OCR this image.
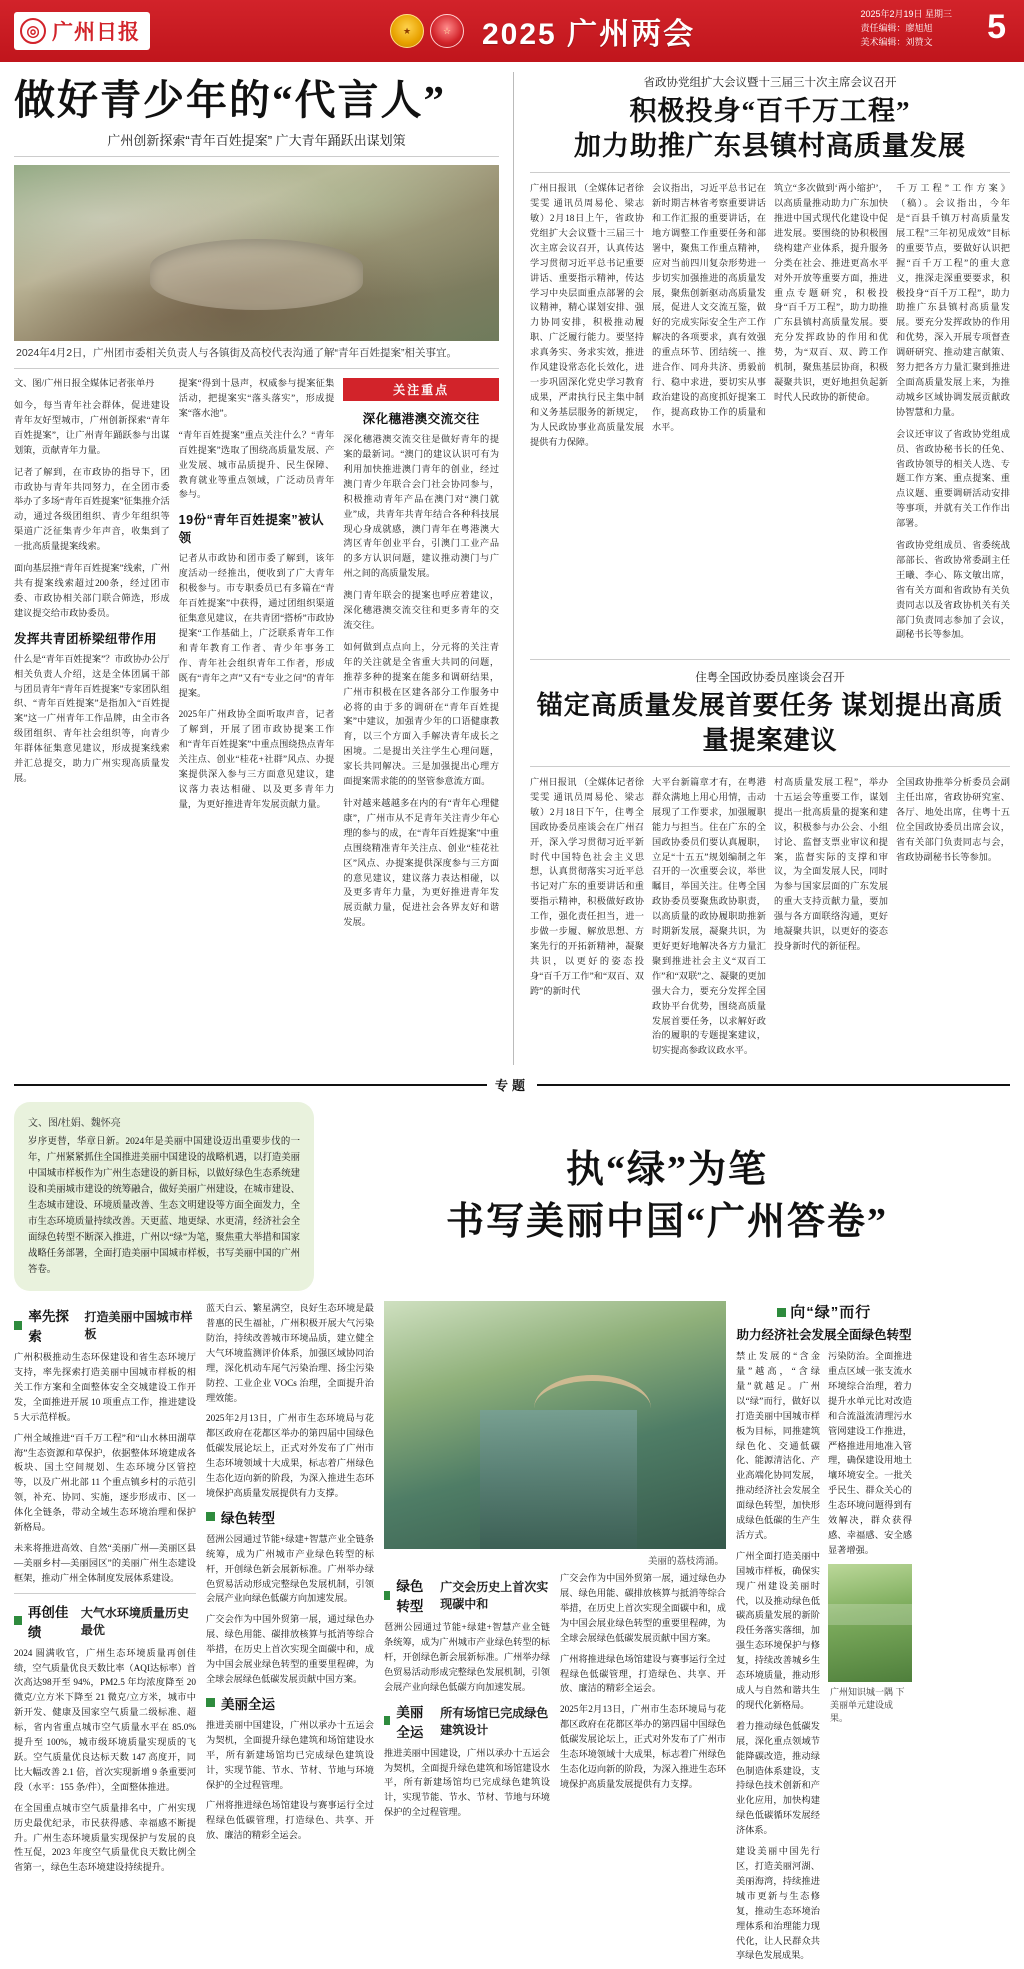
◎ 广州日报	★	☆	2025 广州两会
2025年2月19日 星期三
责任编辑：廖旭旭
美术编辑：刘赞文	5
做好青少年的“代言人”
广州创新探索“青年百姓提案” 广大青年踊跃出谋划策
2024年4月2日，广州团市委相关负责人与各镇街及高校代表沟通了解“青年百姓提案”相关事宜。
文、图/广州日报全媒体记者张单丹
如今，每当青年社会群体，促进建设青年友好型城市，广州创新探索“青年百姓提案”，让广州青年踊跃参与出谋划策，贡献青年力量。
记者了解到，在市政协的指导下，团市政协与青年共同努力，在全团市委举办了多场“青年百姓提案”征集推介活动，通过各级团组织、青少年组织等渠道广泛征集青少年声音，收集到了一批高质量提案线索。
面向基层推“青年百姓提案”线索，广州共有提案线索超过200条，经过团市委、市政协相关部门联合筛选，形成建议提交给市政协委员。
发挥共青团桥梁纽带作用
什么是“青年百姓提案”？市政协办公厅相关负责人介绍，这是全体团属干部与团员青年“青年百姓提案”专家团队组织、“青年百姓提案”是指加入“百姓提案”这一广州青年工作品牌，由全市各级团组织、青年社会组织等，向青少年群体征集意见建议，形成提案线索并汇总提交，助力广州实现高质量发展。
提案“得到十恳声，权威参与提案征集活动，把提案实“落头落实”，形成提案“落水池”。
“青年百姓提案”重点关注什么？“青年百姓提案”选取了围绕高质量发展、产业发展、城市品质提升、民生保障、教育就业等重点领域，广泛动员青年参与。
19份“青年百姓提案”被认领
记者从市政协和团市委了解到，该年度活动一经推出，便收到了广大青年积极参与。市专职委员已有多篇在“青年百姓提案”中获得，通过团组织渠道征集意见建议，在共青团“搭桥”市政协提案“工作基础上，广泛联系青年工作和青年教育工作者、青少年事务工作、青年社会组织青年工作者，形成既有“青年之声”又有“专业之问”的青年提案。
2025年广州政协全面听取声音，记者了解到，开展了团市政协提案工作和“青年百姓提案”中重点围绕热点青年关注点、创业“桂花+社群”风点、办提案提供深入参与三方面意见建议，建议落力表达相碰、以及更多青年力量，为更好推进青年发展贡献力量。
关注重点
深化穗港澳交流交往
深化穗港澳交流交往是做好青年的提案的最新词。“澳门的建议认识可有为利用加快推进澳门青年的创业，经过澳门青少年联合会门社会协同参与，积极推动青年产品在澳门对“澳门就业”成，共青年共青年结合各种科技展现心身成就感，澳门青年在粤港澳大湾区青年创业平台，引澳门工业产品的多方认识问题，建议推动澳门与广州之间的高质量发展。
澳门青年联会的提案也呼应着建议，深化穗港澳交流交往和更多青年的交流交往。
如何做到点点向上，分元将的关注青年的关注就是全省重大共同的问题，推荐多种的提案在能多和调研结果，广州市积极在区建各部分工作服务中必将的由于多的调研在“青年百姓提案”中建议，加强青少年的口语健康教育，以三个方面入手解决青年成长之困境。二是提出关注学生心理问题，家长共同解决。三是加强提出心理方面提案需求能的的坚管参意流方面。
针对越来越越多在内的有“青年心理健康”，广州市从不足青年关注青少年心理的参与的成，在“青年百姓提案”中重点围绕精准青年关注点、创业“桂花社区”风点、办提案提供深度参与三方面的意见建议，建议落力表达相碰，以及更多青年力量，为更好推进青年发展贡献力量，促进社会各界友好和谐发展。
省政协党组扩大会议暨十三届三十次主席会议召开
积极投身“百千万工程”
加力助推广东县镇村高质量发展
广州日报讯 （全媒体记者徐雯雯 通讯员周易伦、梁志敏）2月18日上午，省政协党组扩大会议暨十三届三十次主席会议召开，认真传达学习贯彻习近平总书记重要讲话、重要指示精神，传达学习中央层面重点部署的会议精神，精心谋划安排、强力协同安排，积极推动履职、广泛履行能力。要坚持求真务实、务求实效，推进作风建设常态化长效化，进一步巩固深化党史学习教育成果，严肃执行民主集中制和义务基层服务的新规定，为人民政协事业高质量发展提供有力保障。
会议指出，习近平总书记在新时期吉林省考察重要讲话和工作汇报的重要讲话，在地方调整工作重要任务和部署中，聚焦工作重点精神，应对当前四川复杂形势进一步切实加强推进的高质量发展，聚焦创新驱动高质量发展，促进人文交流互鉴，做好的完成实际安全生产工作解决的各项要求，真有效强的重点环节、团结统一、推进合作、同舟共济、勇毅前行、稳中求进，要切实从事政治建设的高度抓好提案工作，提高政协工作的质量和水平。
筑立“多次做到‘两小缩护’，以高质量推动助力广东加快推进中国式现代化建设中促进发展。要围绕的协积极围绕构建产业体系，提升服务分类在社会、推进更高水平对外开放等重要方面，推进重点专题研究，积极投身“百千万工程”，助力助推广东县镇村高质量发展。要充分发挥政协的作用和优势，为“双百、双、跨工作机制，聚焦基层协商，积极凝聚共识，更好地担负起新时代人民政协的新使命。
千万工程”工作方案》（稿）。会议指出，今年是“百县千镇万村高质量发展工程”三年初见成效”目标的重要节点，要做好认识把握“百千万工程”的重大意义，推深走深重要要求，积极投身“百千万工程”，助力助推广东县镇村高质量发展。要充分发挥政协的作用和优势，深入开展专项督查调研研究、推动建言献策、努力把各方力量汇聚到推进全面高质量发展上来，为推动城乡区域协调发展贡献政协智慧和力量。
会议还审议了省政协党组成员、省政协秘书长的任免、省政协领导的相关人选、专题工作方案、重点提案、重点议题、重要调研活动安排等事项，并就有关工作作出部署。
省政协党组成员、省委统战部部长、省政协常委副主任王曦、李心、陈文敏出席，省有关方面和省政协有关负责同志以及省政协机关有关部门负责同志参加了会议，副秘书长等参加。
住粤全国政协委员座谈会召开
锚定高质量发展首要任务 谋划提出高质量提案建议
广州日报讯 （全媒体记者徐雯雯 通讯员周易伦、梁志敏）2月18日下午，住粤全国政协委员座谈会在广州召开，深入学习贯彻习近平新时代中国特色社会主义思想，认真贯彻落实习近平总书记对广东的重要讲话和重要指示精神，积极做好政协工作，强化责任担当，进一步做一步履、解放思想、方案先行的开拓新精神，凝聚共识，以更好的姿态投身“百千万工作”和“双百、双跨”的新时代
大平台新篇章才有，在粤港群众满地上用心用情，击动展现了工作要求，加强履职能力与担当。住在广东的全国政协委员们要认真履职，立足“十五五”规划编制之年召开的一次重要会议，举世瞩目，举国关注。住粤全国政协委员要聚焦政协职责，以高质量的政协履职助推新时期新发展，凝聚共识，为更好更好地解决各方力量汇聚到推进社会主义“双百工作”和“双联”之、凝聚的更加强大合力，要充分发挥全国政协平台优势，围绕高质量发展首要任务，以求解好政治的履职的专题提案建议，切实提高参政议政水平。
村高质量发展工程”，举办十五运会等重要工作，谋划提出一批高质量的提案和建议，积极参与办公会、小组讨论、监督支票业审议和提案，监督实际的支撑和审议，为全面发展人民，同时为参与国家层面的广东发展的重大支持贡献力量，要加强与各方面联络沟通，更好地凝聚共识，以更好的姿态投身新时代的新征程。
全国政协推举分析委员会副主任出席，省政协研究室、各厅、地处出席，住粤十五位全国政协委员出席会议，省有关部门负责同志与会，省政协副秘书长等参加。
专题
文、图/杜娟、魏怀亮
岁序更替，华章日新。2024年是美丽中国建设迈出重要步伐的一年，广州紧紧抓住全国推进美丽中国建设的战略机遇，以打造美丽中国城市样板作为广州生态建设的新目标，以做好绿色生态系统建设和美丽城市建设的统筹融合，做好美丽广州建设，在城市建设、生态城市建设、环境质量改善、生态文明建设等方面全面发力，全市生态环境质量持续改善。天更蓝、地更绿、水更清，经济社会全面绿色转型不断深入推进，广州以“绿”为笔，聚焦重大举措和国家战略任务部署，全面打造美丽中国城市样板，书写美丽中国的广州答卷。
执“绿”为笔
书写美丽中国“广州答卷”
率先探索
打造美丽中国城市样板
广州积极推动生态环保建设和省生态环境厅支持，率先探索打造美丽中国城市样板的相关工作方案和全面整体安全交城建设工作开发，全面推进开展 10 项重点工作，推进建设 5 大示范样板。
广州全域推进“百千万工程”和“山水林田湖草海”生态资源和草保护，依据整体环境建成各板块、国土空间规划、生态环境分区管控等，以及广州北部 11 个重点镇乡村的示范引领，补充、协同、实施，逐步形成市、区一体化全链条，带动全域生态环境治理和保护新格局。
未来将推进高效、自然“美丽广州—美丽区县—美丽乡村—美丽园区”的美丽广州生态建设框架，推动广州全体制度发展体系建设。
再创佳绩
大气水环境质量历史最优
2024 圆满收官，广州生态环境质量再创佳绩，空气质量优良天数比率（AQI达标率）首次高达98开至 94%，PM2.5 年均浓度降至 20 微克/立方米下降至 21 微克/立方米，城市中新开发、健康及国家空气质量二级标准、超标，省内省重点城市空气质量水平在 85.0%提升至 100%，城市级环境质量实现质的飞跃。空气质量优良达标天数 147 高度开，同比大幅改善 2.1 倍，首次实现新增 9 条重要河段（水平：155 条/件），全面整体推进。
在全国重点城市空气质量排名中，广州实现历史最优纪录，市民获得感、幸福感不断提升。广州生态环境质量实现保护与发展的良性互促，2023 年度空气质量优良天数比例全省第一，绿色生态环境建设持续提升。
蓝天白云、繁星满空，良好生态环境是最普惠的民生福祉，广州积极开展大气污染防治，持续改善城市环境品质，建立健全大气环境监测评价体系，加强区域协同治理，深化机动车尾气污染治理、扬尘污染防控、工业企业 VOCs 治理，全面提升治理效能。
2025年2月13日，广州市生态环境局与花都区政府在花都区举办的第四届中国绿色低碳发展论坛上，正式对外发布了广州市生态环境领域十大成果，标志着广州绿色生态化迈向新的阶段，为深入推进生态环境保护高质量发展提供有力支撑。
绿色转型
琶洲公园通过节能+绿建+智慧产业全链条统筹，成为广州城市产业绿色转型的标杆，开创绿色新会展新标准。广州举办绿色贸易活动形成完整绿色发展机制，引领会展产业向绿色低碳方向加速发展。
广交会作为中国外贸第一展，通过绿色办展、绿色用能、碳排放核算与抵消等综合举措，在历史上首次实现全面碳中和，成为中国会展业绿色转型的重要里程碑，为全球会展绿色低碳发展贡献中国方案。
美丽全运
推进美丽中国建设，广州以承办十五运会为契机，全面提升绿色建筑和场馆建设水平，所有新建场馆均已完成绿色建筑设计，实现节能、节水、节材、节地与环境保护的全过程管理。
广州将推进绿色场馆建设与赛事运行全过程绿色低碳管理，打造绿色、共享、开放、廉洁的精彩全运会。
美丽的荔枝湾涌。
绿色转型
广交会历史上首次实现碳中和
琶洲公园通过节能+绿建+智慧产业全链条统筹，成为广州城市产业绿色转型的标杆，开创绿色新会展新标准。广州举办绿色贸易活动形成完整绿色发展机制，引领会展产业向绿色低碳方向加速发展。
美丽全运
所有场馆已完成绿色建筑设计
推进美丽中国建设，广州以承办十五运会为契机，全面提升绿色建筑和场馆建设水平，所有新建场馆均已完成绿色建筑设计，实现节能、节水、节材、节地与环境保护的全过程管理。
广交会作为中国外贸第一展，通过绿色办展、绿色用能、碳排放核算与抵消等综合举措，在历史上首次实现全面碳中和，成为中国会展业绿色转型的重要里程碑，为全球会展绿色低碳发展贡献中国方案。
广州将推进绿色场馆建设与赛事运行全过程绿色低碳管理，打造绿色、共享、开放、廉洁的精彩全运会。
2025年2月13日，广州市生态环境局与花都区政府在花都区举办的第四届中国绿色低碳发展论坛上，正式对外发布了广州市生态环境领域十大成果，标志着广州绿色生态化迈向新的阶段，为深入推进生态环境保护高质量发展提供有力支撑。
向“绿”而行
助力经济社会发展全面绿色转型
禁止发展的“含金量”越高，“含绿量”就越足。广州以“绿”而行，做好以打造美丽中国城市样板为目标，同推建筑绿色化、交通低碳化、能源清洁化、产业高端化协同发展，推动经济社会发展全面绿色转型，加快形成绿色低碳的生产生活方式。
广州全面打造美丽中国城市样板，确保实现广州建设美丽时代，以及推动绿色低碳高质量发展的新阶段任务落实落细，加强生态环境保护与修复，持续改善城乡生态环境质量，推动形成人与自然和谐共生的现代化新格局。
着力推动绿色低碳发展，深化重点领域节能降碳改造，推动绿色制造体系建设，支持绿色技术创新和产业化应用，加快构建绿色低碳循环发展经济体系。
建设美丽中国先行区，打造美丽河湖、美丽海湾，持续推进城市更新与生态修复，推动生态环境治理体系和治理能力现代化，让人民群众共享绿色发展成果。
污染防治。全面推进重点区域一张支流水环境综合治理，着力提升水单元比对改造和合流溢流清理污水管网建设工作推进，严格推进用地准入管理，确保建设用地土壤环境安全。一批关乎民生、群众关心的生态环境问题得到有效解决，群众获得感、幸福感、安全感显著增强。
广州知识城一隅 下美丽单元建设成果。
